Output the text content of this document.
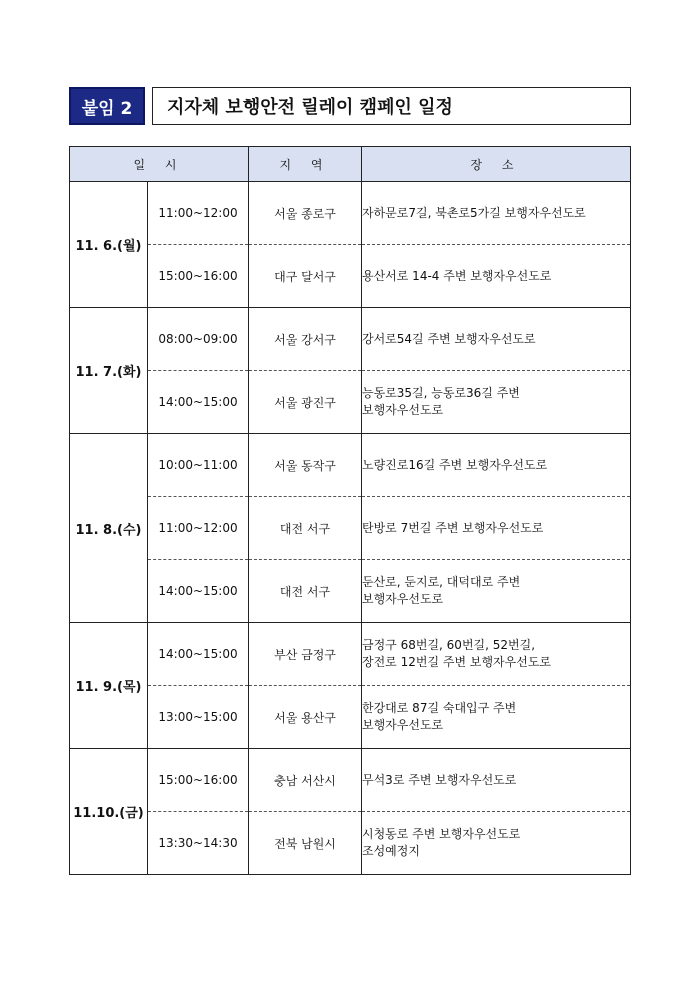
붙임 2	지자체 보행안전 릴레이 캠페인 일정
일 시		지 역	장 소
11. 6.(월)	11:00~12:00	서울 종로구	자하문로7길, 북촌로5가길 보행자우선도로

	15:00~16:00	대구 달서구	용산서로 14-4 주변 보행자우선도로

11. 7.(화)	08:00~09:00	서울 강서구	강서로54길 주변 보행자우선도로

	14:00~15:00	서울 광진구	능동로35길, 능동로36길 주변
보행자우선도로

11. 8.(수)	10:00~11:00	서울 동작구	노량진로16길 주변 보행자우선도로

	11:00~12:00	대전 서구	탄방로 7번길 주변 보행자우선도로

	14:00~15:00	대전 서구	둔산로, 둔지로, 대덕대로 주변
보행자우선도로

11. 9.(목)	14:00~15:00	부산 금정구	금정구 68번길, 60번길, 52번길,
장전로 12번길 주변 보행자우선도로

	13:00~15:00	서울 용산구	한강대로 87길 숙대입구 주변
보행자우선도로

11.10.(금)	15:00~16:00	충남 서산시	무석3로 주변 보행자우선도로

	13:30~14:30	전북 남원시	시청동로 주변 보행자우선도로
조성예정지
